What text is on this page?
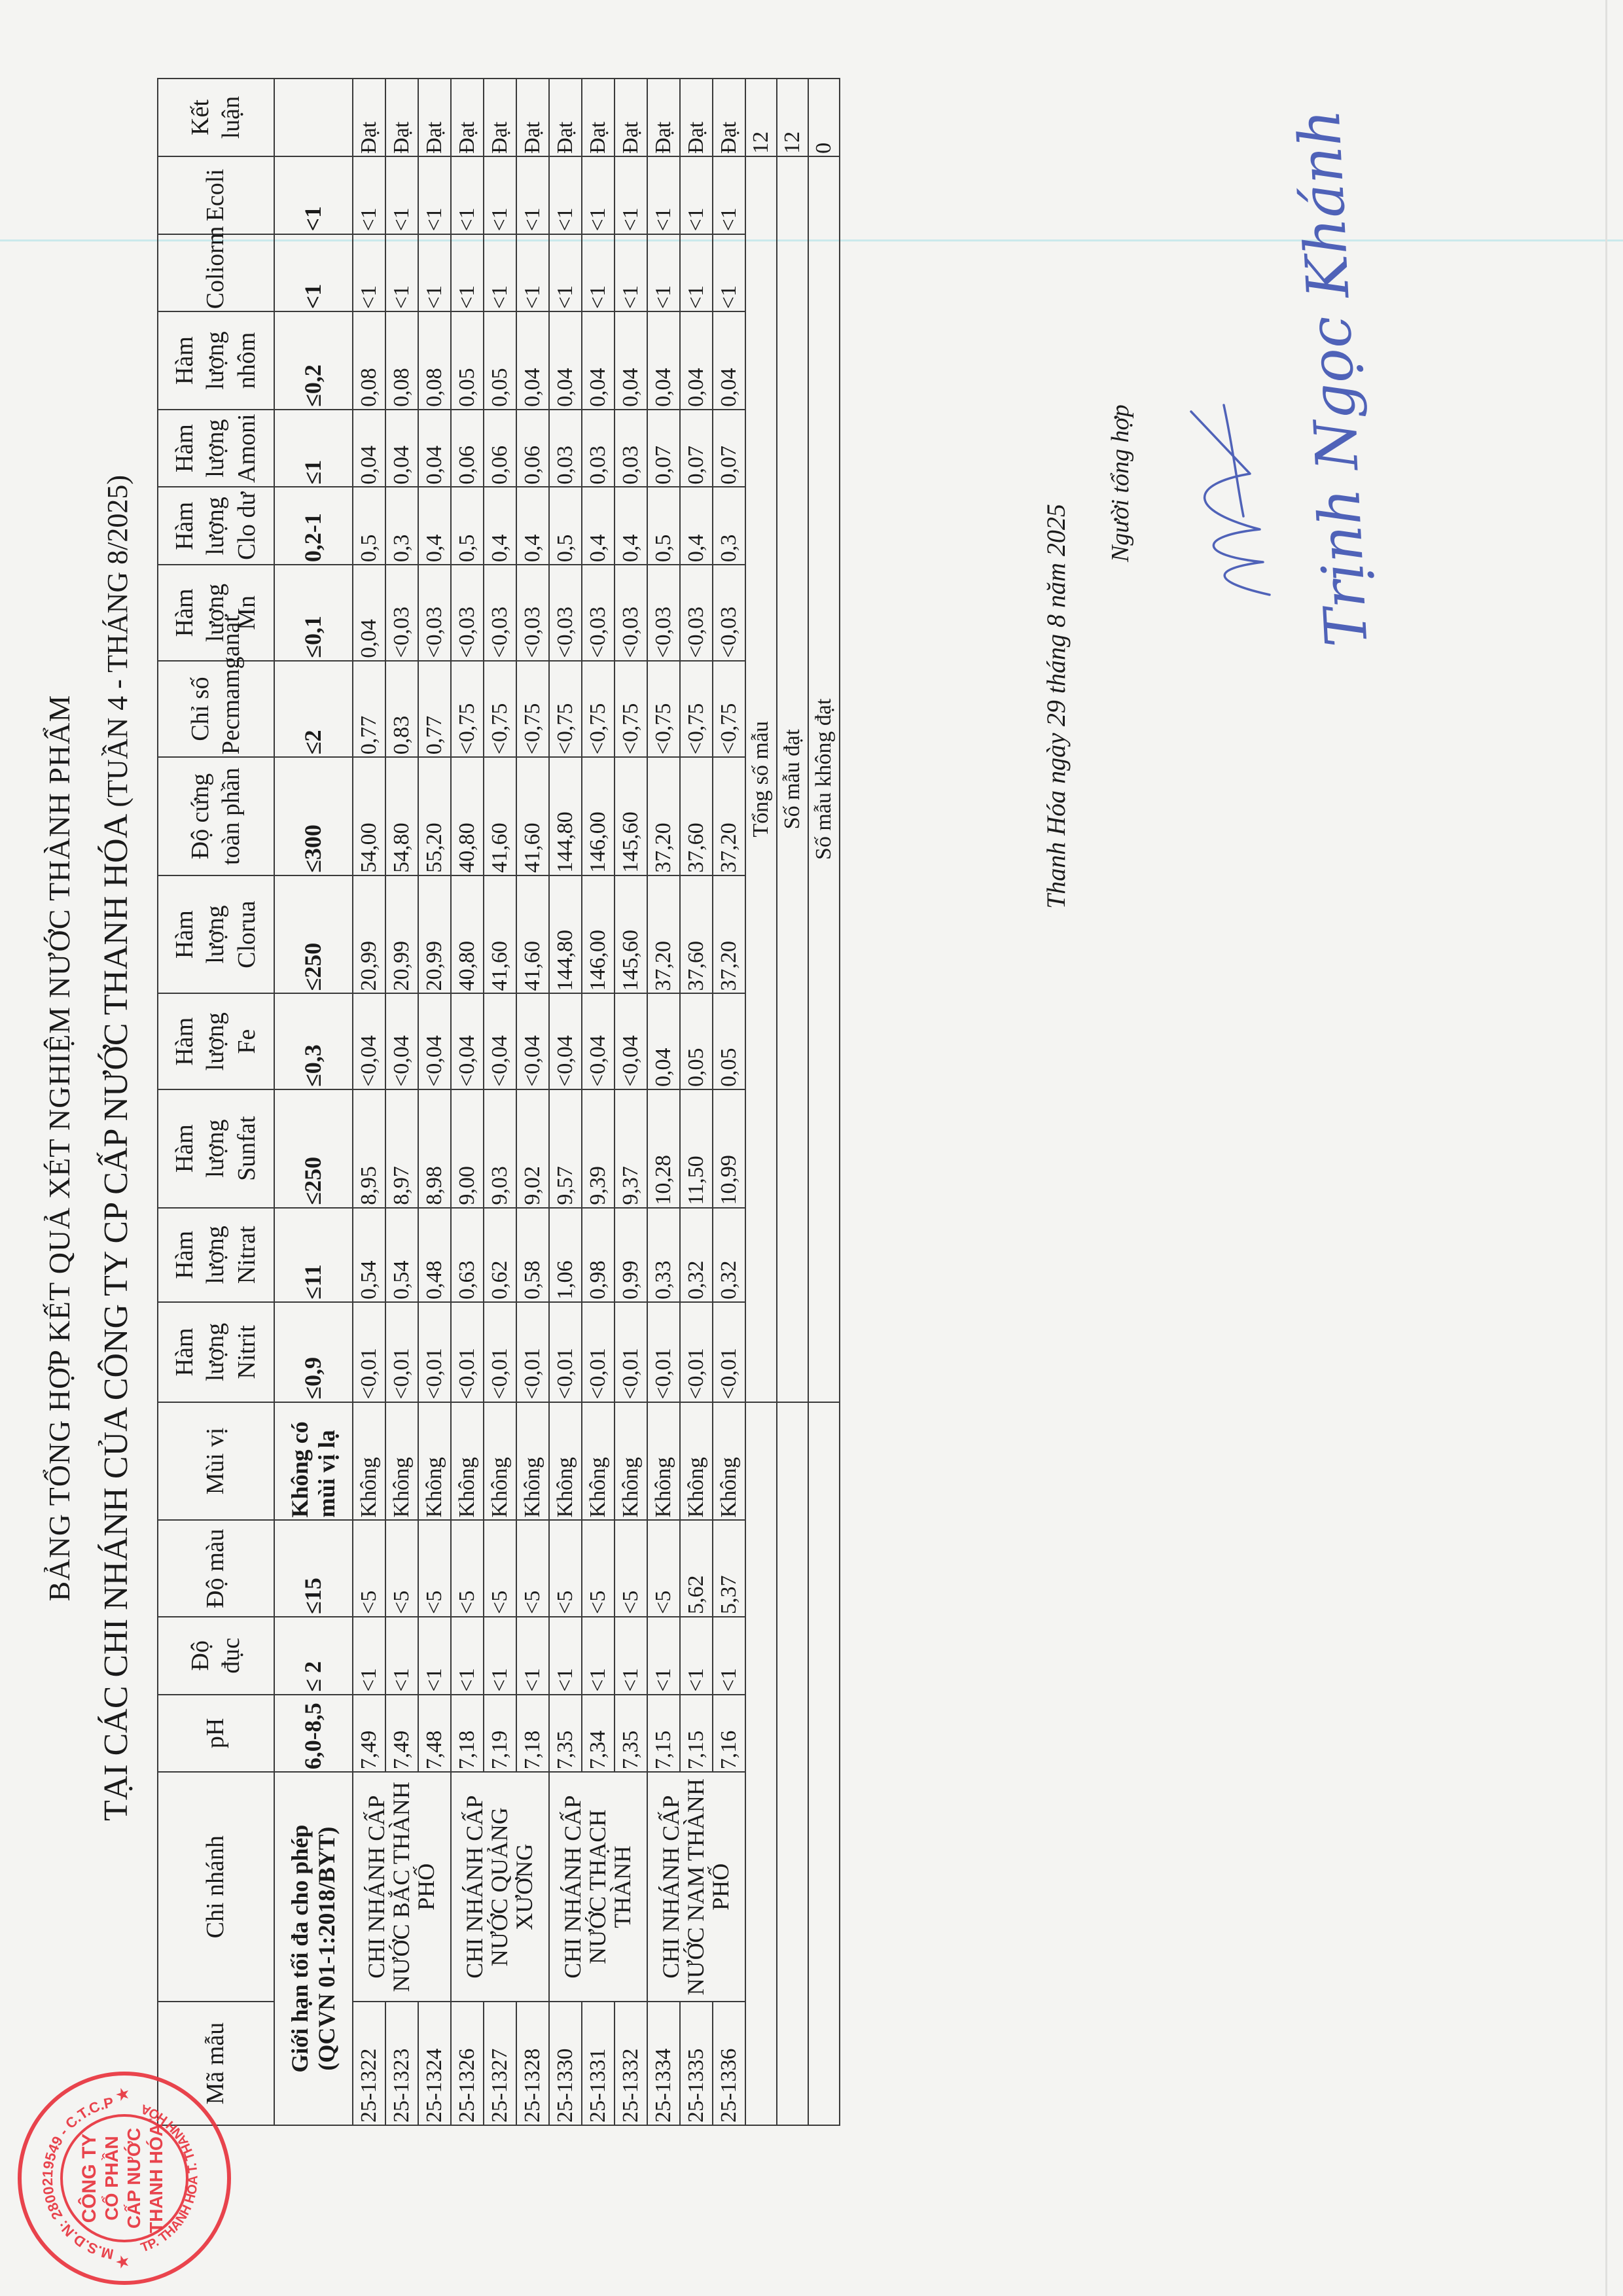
BẢNG TỔNG HỢP KẾT QUẢ XÉT NGHIỆM NƯỚC THÀNH PHẨM TẠI CÁC CHI NHÁNH CỦA CÔNG TY CP CẤP NƯỚC THANH HÓA (TUẦN 4 - THÁNG 8/2025)
Mã mẫu	Chi nhánh	pH	Độ đục	Độ màu	Mùi vị	Hàm lượng Nitrit	Hàm lượng Nitrat	Hàm lượng Sunfat	Hàm lượng Fe	Hàm lượng Clorua	Độ cứng toàn phần	Chỉ số Pecmamganat	Hàm lượng Mn	Hàm lượng Clo dư	Hàm lượng Amoni	Hàm lượng nhôm	Coliorm	Ecoli	Kết luận
Giới hạn tối đa cho phép
(QCVN 01-1:2018/BYT)		6,0-8,5	≤ 2	≤15	Không có mùi vị lạ	≤0,9	≤11	≤250	≤0,3	≤250	≤300	≤2	≤0,1	0,2-1	≤1	≤0,2	<1	<1	
25-1322	CHI NHÁNH CẤP NƯỚC BẮC THÀNH PHỐ	7,49	<1	<5	Không	<0,01	0,54	8,95	<0,04	20,99	54,00	0,77	0,04	0,5	0,04	0,08	<1	<1	Đạt
25-1323		7,49	<1	<5	Không	<0,01	0,54	8,97	<0,04	20,99	54,80	0,83	<0,03	0,3	0,04	0,08	<1	<1	Đạt
25-1324		7,48	<1	<5	Không	<0,01	0,48	8,98	<0,04	20,99	55,20	0,77	<0,03	0,4	0,04	0,08	<1	<1	Đạt
25-1326	CHI NHÁNH CẤP NƯỚC QUẢNG XƯƠNG	7,18	<1	<5	Không	<0,01	0,63	9,00	<0,04	40,80	40,80	<0,75	<0,03	0,5	0,06	0,05	<1	<1	Đạt
25-1327		7,19	<1	<5	Không	<0,01	0,62	9,03	<0,04	41,60	41,60	<0,75	<0,03	0,4	0,06	0,05	<1	<1	Đạt
25-1328		7,18	<1	<5	Không	<0,01	0,58	9,02	<0,04	41,60	41,60	<0,75	<0,03	0,4	0,06	0,04	<1	<1	Đạt
25-1330	CHI NHÁNH CẤP NƯỚC THẠCH THÀNH	7,35	<1	<5	Không	<0,01	1,06	9,57	<0,04	144,80	144,80	<0,75	<0,03	0,5	0,03	0,04	<1	<1	Đạt
25-1331		7,34	<1	<5	Không	<0,01	0,98	9,39	<0,04	146,00	146,00	<0,75	<0,03	0,4	0,03	0,04	<1	<1	Đạt
25-1332		7,35	<1	<5	Không	<0,01	0,99	9,37	<0,04	145,60	145,60	<0,75	<0,03	0,4	0,03	0,04	<1	<1	Đạt
25-1334	CHI NHÁNH CẤP NƯỚC NAM THÀNH PHỐ	7,15	<1	<5	Không	<0,01	0,33	10,28	0,04	37,20	37,20	<0,75	<0,03	0,5	0,07	0,04	<1	<1	Đạt
25-1335		7,15	<1	5,62	Không	<0,01	0,32	11,50	0,05	37,60	37,60	<0,75	<0,03	0,4	0,07	0,04	<1	<1	Đạt
25-1336		7,16	<1	5,37	Không	<0,01	0,32	10,99	0,05	37,20	37,20	<0,75	<0,03	0,3	0,07	0,04	<1	<1	Đạt
						Tổng số mẫu													12
						Số mẫu đạt													12
						Số mẫu không đạt													0
Thanh Hóa ngày 29 tháng 8 năm 2025
Người tổng hợp	Trịnh Ngọc Khánh
M.S.D.N: 2800219549 - C.T.C.P
TP. THANH HÓA T. THANH HÓA
CÔNG TY CỔ PHẦN CẤP NƯỚC THANH HÓA
★
★
